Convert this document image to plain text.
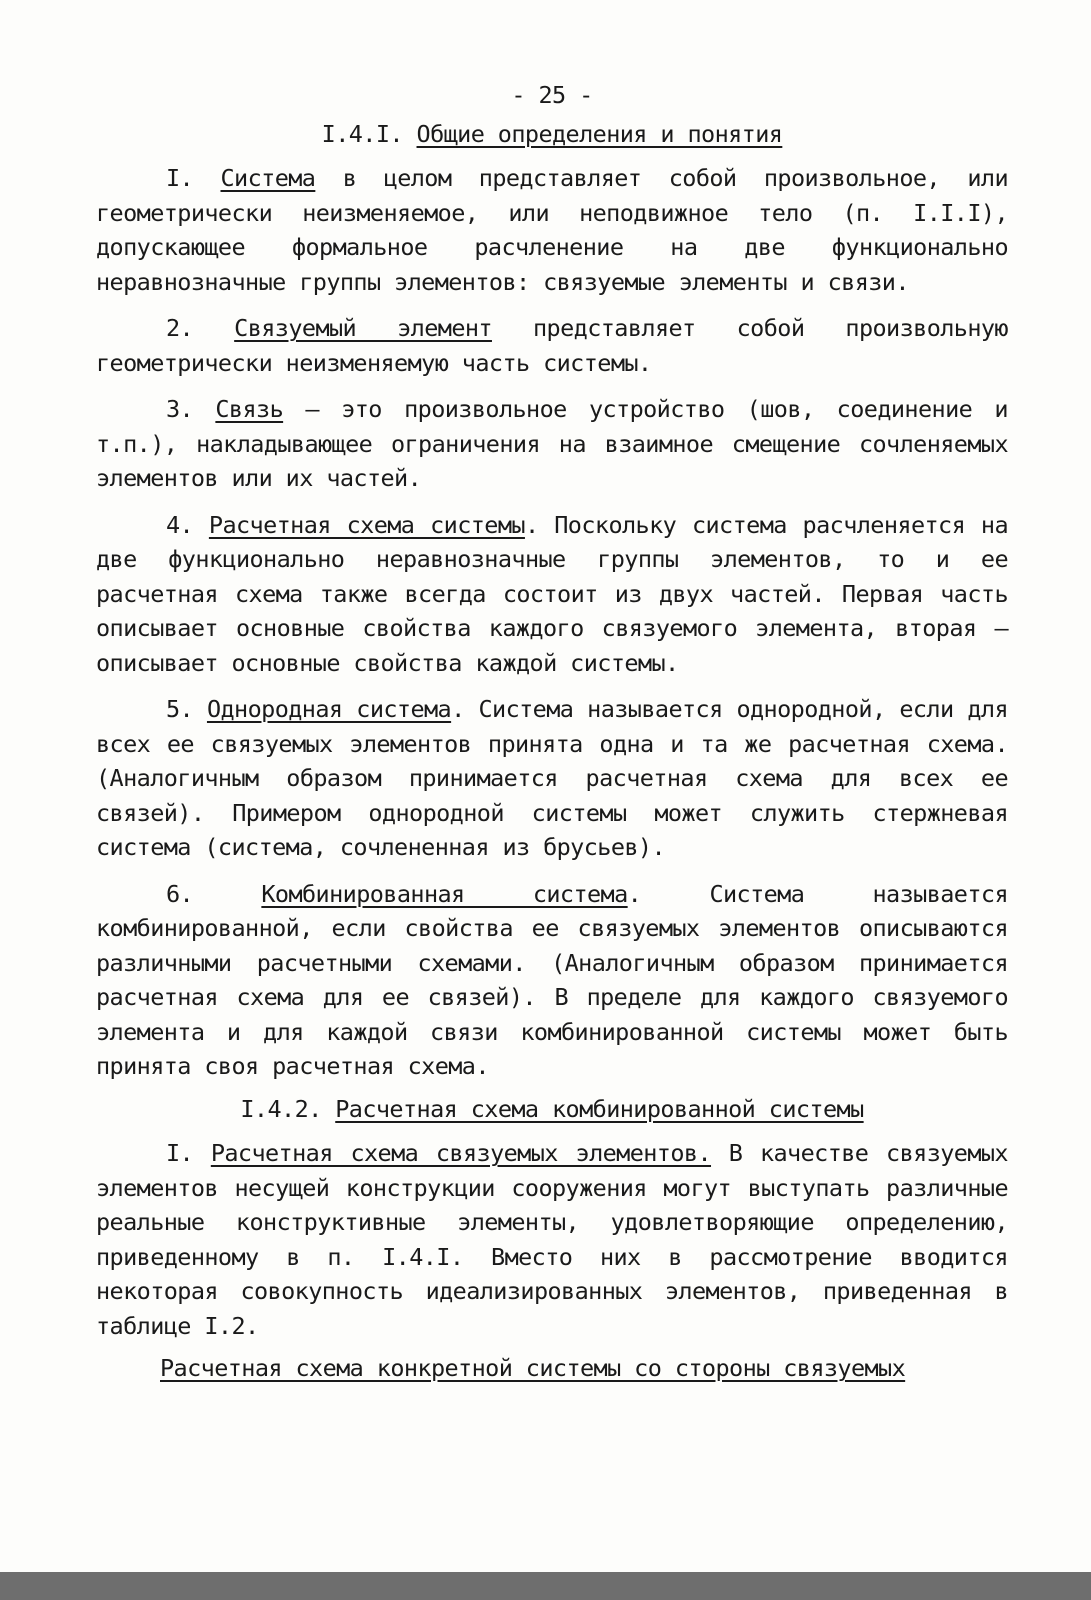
- 25 -
I.4.I. Общие определения и понятия

I. Система в целом представляет собой произвольное, или геометрически неизменяемое, или неподвижное тело (п. I.I.I), допускающее формальное расчленение на две функционально неравнозначные группы элементов: связуемые элементы и связи.

2. Связуемый элемент представляет собой произвольную геометрически неизменяемую часть системы.

3. Связь – это произвольное устройство (шов, соединение и т.п.), накладывающее ограничения на взаимное смещение сочленяемых элементов или их частей.

4. Расчетная схема системы. Поскольку система расчленяется на две функционально неравнозначные группы элементов, то и ее расчетная схема также всегда состоит из двух частей. Первая часть описывает основные свойства каждого связуемого элемента, вторая – описывает основные свойства каждой системы.

5. Однородная система. Система называется однородной, если для всех ее связуемых элементов принята одна и та же расчетная схема. (Аналогичным образом принимается расчетная схема для всех ее связей). Примером однородной системы может служить стержневая система (система, сочлененная из брусьев).

6.	Комбинированная система. Система называется комбинированной, если свойства ее связуемых элементов описываются различными расчетными схемами. (Аналогичным образом принимается расчетная схема для ее связей). В пределе для каждого связуемого элемента и для каждой связи комбинированной системы может быть принята своя расчетная схема.

I.4.2. Расчетная схема комбинированной системы

I. Расчетная схема связуемых элементов. В качестве связуемых элементов несущей конструкции сооружения могут выступать различные реальные конструктивные элементы, удовлетворяющие определению, приведенному в п. I.4.I. Вместо них в рассмотрение вводится некоторая совокупность идеализированных элементов, приведенная в таблице I.2.

Расчетная схема конкретной системы со стороны связуемых
